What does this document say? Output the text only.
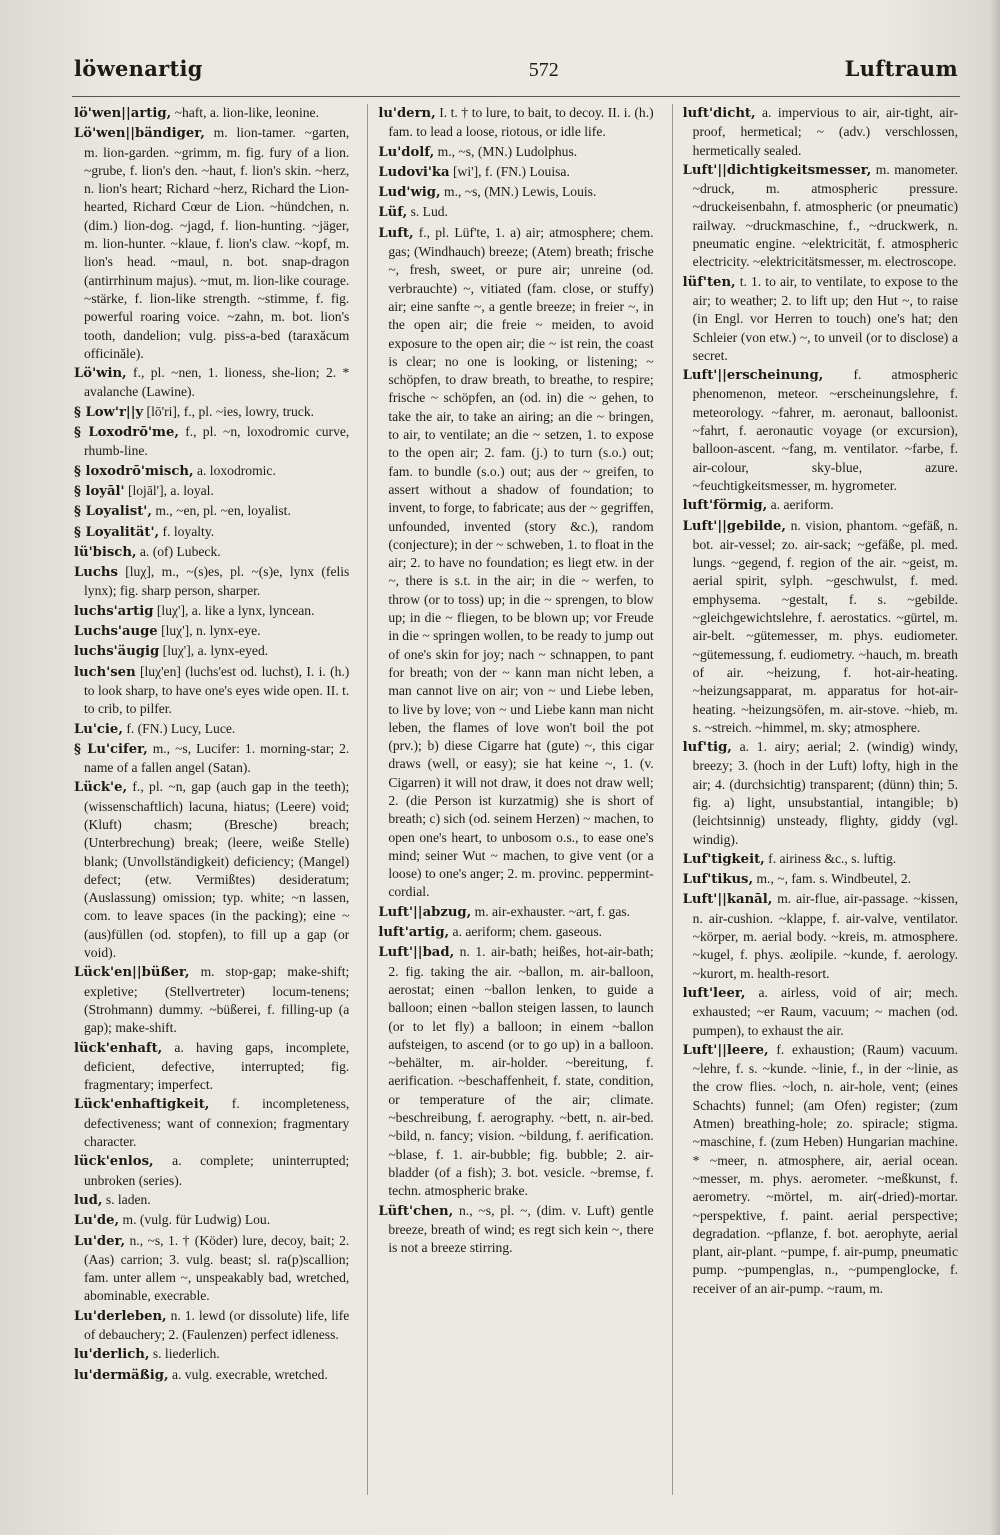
löwenartig	572	Luftraum

lö'wen||artig, ~haft, a. lion-like, leonine.

Lö'wen||bändiger, m. lion-tamer. ~garten, m. lion-garden. ~grimm, m. fig. fury of a lion. ~grube, f. lion's den. ~haut, f. lion's skin. ~herz, n. lion's heart; Richard ~herz, Richard the Lion-hearted, Richard Cœur de Lion. ~hündchen, n. (dim.) lion-dog. ~jagd, f. lion-hunting. ~jäger, m. lion-hunter. ~klaue, f. lion's claw. ~kopf, m. lion's head. ~maul, n. bot. snap-dragon (antirrhinum majus). ~mut, m. lion-like courage. ~stärke, f. lion-like strength. ~stimme, f. fig. powerful roaring voice. ~zahn, m. bot. lion's tooth, dandelion; vulg. piss-a-bed (taraxăcum officinăle).

Lö'win, f., pl. ~nen, 1. lioness, she-lion; 2. * avalanche (Lawine).

§ Low'r||y [lō'ri], f., pl. ~ies, lowry, truck.

§ Loxodrō'me, f., pl. ~n, loxodromic curve, rhumb-line.

§ loxodrō'misch, a. loxodromic.

§ loyāl' [lojāl'], a. loyal.

§ Loyalist', m., ~en, pl. ~en, loyalist.

§ Loyalität', f. loyalty.

lü'bisch, a. (of) Lubeck.

Luchs [luχ], m., ~(s)es, pl. ~(s)e, lynx (felis lynx); fig. sharp person, sharper.

luchs'artig [luχ'], a. like a lynx, lyncean.

Luchs'auge [luχ'], n. lynx-eye.

luchs'äugig [luχ'], a. lynx-eyed.

luch'sen [luχ'en] (luchs'est od. luchst), I. i. (h.) to look sharp, to have one's eyes wide open. II. t. to crib, to pilfer.

Lu'cie, f. (FN.) Lucy, Luce.

§ Lu'cifer, m., ~s, Lucifer: 1. morning-star; 2. name of a fallen angel (Satan).

Lück'e, f., pl. ~n, gap (auch gap in the teeth); (wissenschaftlich) lacuna, hiatus; (Leere) void; (Kluft) chasm; (Bresche) breach; (Unterbrechung) break; (leere, weiße Stelle) blank; (Unvollständigkeit) deficiency; (Mangel) defect; (etw. Vermißtes) desideratum; (Auslassung) omission; typ. white; ~n lassen, com. to leave spaces (in the packing); eine ~ (aus)füllen (od. stopfen), to fill up a gap (or void).

Lück'en||büßer, m. stop-gap; make-shift; expletive; (Stellvertreter) locum-tenens; (Strohmann) dummy. ~büßerei, f. filling-up (a gap); make-shift.

lück'enhaft, a. having gaps, incomplete, deficient, defective, interrupted; fig. fragmentary; imperfect.

Lück'enhaftigkeit, f. incompleteness, defectiveness; want of connexion; fragmentary character.

lück'enlos, a. complete; uninterrupted; unbroken (series).

lud, s. laden.

Lu'de, m. (vulg. für Ludwig) Lou.

Lu'der, n., ~s, 1. † (Köder) lure, decoy, bait; 2. (Aas) carrion; 3. vulg. beast; sl. ra(p)scallion; fam. unter allem ~, unspeakably bad, wretched, abominable, execrable.

Lu'derleben, n. 1. lewd (or dissolute) life, life of debauchery; 2. (Faulenzen) perfect idleness.

lu'derlich, s. liederlich.

lu'dermäßig, a. vulg. execrable, wretched.

lu'dern, I. t. † to lure, to bait, to decoy. II. i. (h.) fam. to lead a loose, riotous, or idle life.

Lu'dolf, m., ~s, (MN.) Ludolphus.

Ludovi'ka [wi'], f. (FN.) Louisa.

Lud'wig, m., ~s, (MN.) Lewis, Louis.

Lüf, s. Lud.

Luft, f., pl. Lüf'te, 1. a) air; atmosphere; chem. gas; (Windhauch) breeze; (Atem) breath; frische ~, fresh, sweet, or pure air; unreine (od. verbrauchte) ~, vitiated (fam. close, or stuffy) air; eine sanfte ~, a gentle breeze; in freier ~, in the open air; die freie ~ meiden, to avoid exposure to the open air; die ~ ist rein, the coast is clear; no one is looking, or listening; ~ schöpfen, to draw breath, to breathe, to respire; frische ~ schöpfen, an (od. in) die ~ gehen, to take the air, to take an airing; an die ~ bringen, to air, to ventilate; an die ~ setzen, 1. to expose to the open air; 2. fam. (j.) to turn (s.o.) out; fam. to bundle (s.o.) out; aus der ~ greifen, to assert without a shadow of foundation; to invent, to forge, to fabricate; aus der ~ gegriffen, unfounded, invented (story &c.), random (conjecture); in der ~ schweben, 1. to float in the air; 2. to have no foundation; es liegt etw. in der ~, there is s.t. in the air; in die ~ werfen, to throw (or to toss) up; in die ~ sprengen, to blow up; in die ~ fliegen, to be blown up; vor Freude in die ~ springen wollen, to be ready to jump out of one's skin for joy; nach ~ schnappen, to pant for breath; von der ~ kann man nicht leben, a man cannot live on air; von ~ und Liebe leben, to live by love; von ~ und Liebe kann man nicht leben, the flames of love won't boil the pot (prv.); b) diese Cigarre hat (gute) ~, this cigar draws (well, or easy); sie hat keine ~, 1. (v. Cigarren) it will not draw, it does not draw well; 2. (die Person ist kurzatmig) she is short of breath; c) sich (od. seinem Herzen) ~ machen, to open one's heart, to unbosom o.s., to ease one's mind; seiner Wut ~ machen, to give vent (or a loose) to one's anger; 2. m. provinc. peppermint-cordial.

Luft'||abzug, m. air-exhauster. ~art, f. gas.

luft'artig, a. aeriform; chem. gaseous.

Luft'||bad, n. 1. air-bath; heißes, hot-air-bath; 2. fig. taking the air. ~ballon, m. air-balloon, aerostat; einen ~ballon lenken, to guide a balloon; einen ~ballon steigen lassen, to launch (or to let fly) a balloon; in einem ~ballon aufsteigen, to ascend (or to go up) in a balloon. ~behälter, m. air-holder. ~bereitung, f. aerification. ~beschaffenheit, f. state, condition, or temperature of the air; climate. ~beschreibung, f. aerography. ~bett, n. air-bed. ~bild, n. fancy; vision. ~bildung, f. aerification. ~blase, f. 1. air-bubble; fig. bubble; 2. air-bladder (of a fish); 3. bot. vesicle. ~bremse, f. techn. atmospheric brake.

Lüft'chen, n., ~s, pl. ~, (dim. v. Luft) gentle breeze, breath of wind; es regt sich kein ~, there is not a breeze stirring.

luft'dicht, a. impervious to air, air-tight, air-proof, hermetical; ~ (adv.) verschlossen, hermetically sealed.

Luft'||dichtigkeitsmesser, m. manometer. ~druck, m. atmospheric pressure. ~druckeisenbahn, f. atmospheric (or pneumatic) railway. ~druckmaschine, f., ~druckwerk, n. pneumatic engine. ~elektricität, f. atmospheric electricity. ~elektricitätsmesser, m. electroscope.

lüf'ten, t. 1. to air, to ventilate, to expose to the air; to weather; 2. to lift up; den Hut ~, to raise (in Engl. vor Herren to touch) one's hat; den Schleier (von etw.) ~, to unveil (or to disclose) a secret.

Luft'||erscheinung, f. atmospheric phenomenon, meteor. ~erscheinungslehre, f. meteorology. ~fahrer, m. aeronaut, balloonist. ~fahrt, f. aeronautic voyage (or excursion), balloon-ascent. ~fang, m. ventilator. ~farbe, f. air-colour, sky-blue, azure. ~feuchtigkeitsmesser, m. hygrometer.

luft'förmig, a. aeriform.

Luft'||gebilde, n. vision, phantom. ~gefäß, n. bot. air-vessel; zo. air-sack; ~gefäße, pl. med. lungs. ~gegend, f. region of the air. ~geist, m. aerial spirit, sylph. ~geschwulst, f. med. emphysema. ~gestalt, f. s. ~gebilde. ~gleichgewichtslehre, f. aerostatics. ~gürtel, m. air-belt. ~gütemesser, m. phys. eudiometer. ~gütemessung, f. eudiometry. ~hauch, m. breath of air. ~heizung, f. hot-air-heating. ~heizungsapparat, m. apparatus for hot-air-heating. ~heizungsöfen, m. air-stove. ~hieb, m. s. ~streich. ~himmel, m. sky; atmosphere.

luf'tig, a. 1. airy; aerial; 2. (windig) windy, breezy; 3. (hoch in der Luft) lofty, high in the air; 4. (durchsichtig) transparent; (dünn) thin; 5. fig. a) light, unsubstantial, intangible; b) (leichtsinnig) unsteady, flighty, giddy (vgl. windig).

Luf'tigkeit, f. airiness &c., s. luftig.

Luf'tikus, m., ~, fam. s. Windbeutel, 2.

Luft'||kanāl, m. air-flue, air-passage. ~kissen, n. air-cushion. ~klappe, f. air-valve, ventilator. ~körper, m. aerial body. ~kreis, m. atmosphere. ~kugel, f. phys. æolipile. ~kunde, f. aerology. ~kurort, m. health-resort.

luft'leer, a. airless, void of air; mech. exhausted; ~er Raum, vacuum; ~ machen (od. pumpen), to exhaust the air.

Luft'||leere, f. exhaustion; (Raum) vacuum. ~lehre, f. s. ~kunde. ~linie, f., in der ~linie, as the crow flies. ~loch, n. air-hole, vent; (eines Schachts) funnel; (am Ofen) register; (zum Atmen) breathing-hole; zo. spiracle; stigma. ~maschine, f. (zum Heben) Hungarian machine. * ~meer, n. atmosphere, air, aerial ocean. ~messer, m. phys. aerometer. ~meßkunst, f. aerometry. ~mörtel, m. air(-dried)-mortar. ~perspektive, f. paint. aerial perspective; degradation. ~pflanze, f. bot. aerophyte, aerial plant, air-plant. ~pumpe, f. air-pump, pneumatic pump. ~pumpenglas, n., ~pumpenglocke, f. receiver of an air-pump. ~raum, m.
